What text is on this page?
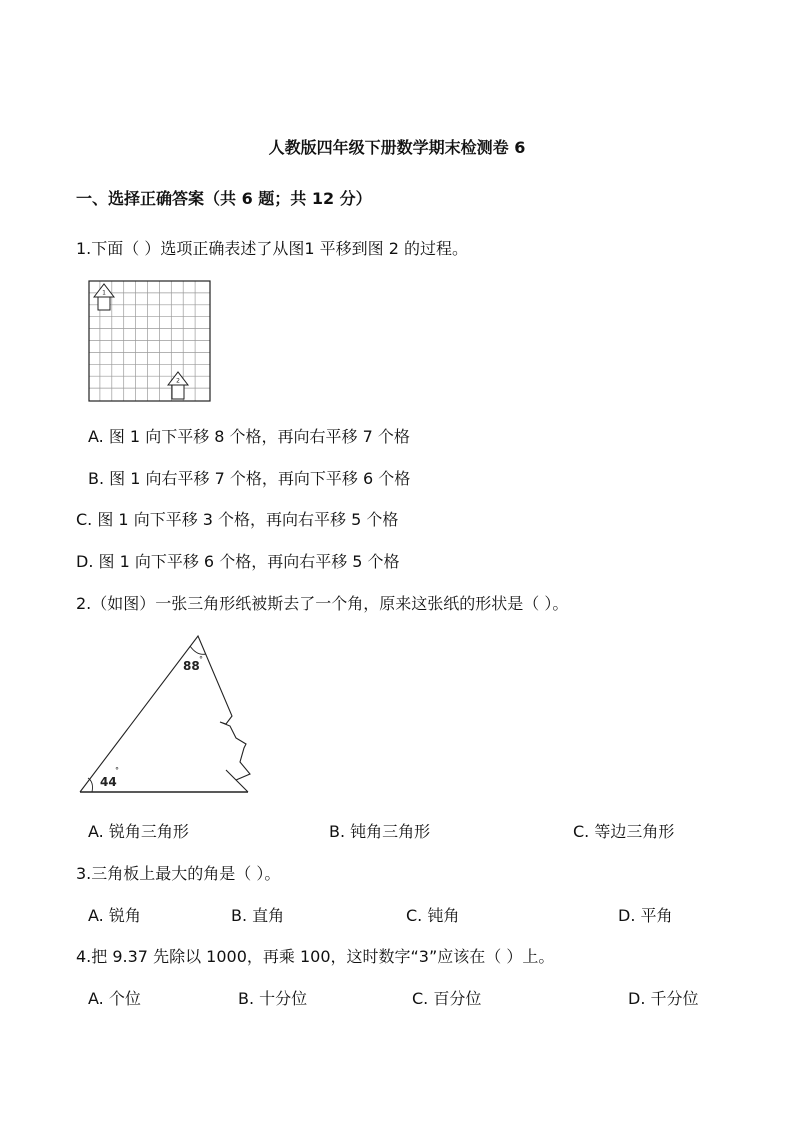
人教版四年级下册数学期末检测卷 6
一、选择正确答案（共 6 题；共 12 分）
1.下面（ ）选项正确表述了从图1 平移到图 2 的过程。
1
2
A. 图 1 向下平移 8 个格，再向右平移 7 个格
B. 图 1 向右平移 7 个格，再向下平移 6 个格
C. 图 1 向下平移 3 个格，再向右平移 5 个格
D. 图 1 向下平移 6 个格，再向右平移 5 个格
2.（如图）一张三角形纸被斯去了一个角，原来这张纸的形状是（ ）。
88 °
44
°
A. 锐角三角形	B. 钝角三角形	C. 等边三角形
3.三角板上最大的角是（ ）。
A. 锐角	B. 直角	C. 钝角	D. 平角
4.把 9.37 先除以 1000，再乘 100，这时数字“3”应该在（ ）上。
A. 个位	B. 十分位	C. 百分位	D. 千分位
